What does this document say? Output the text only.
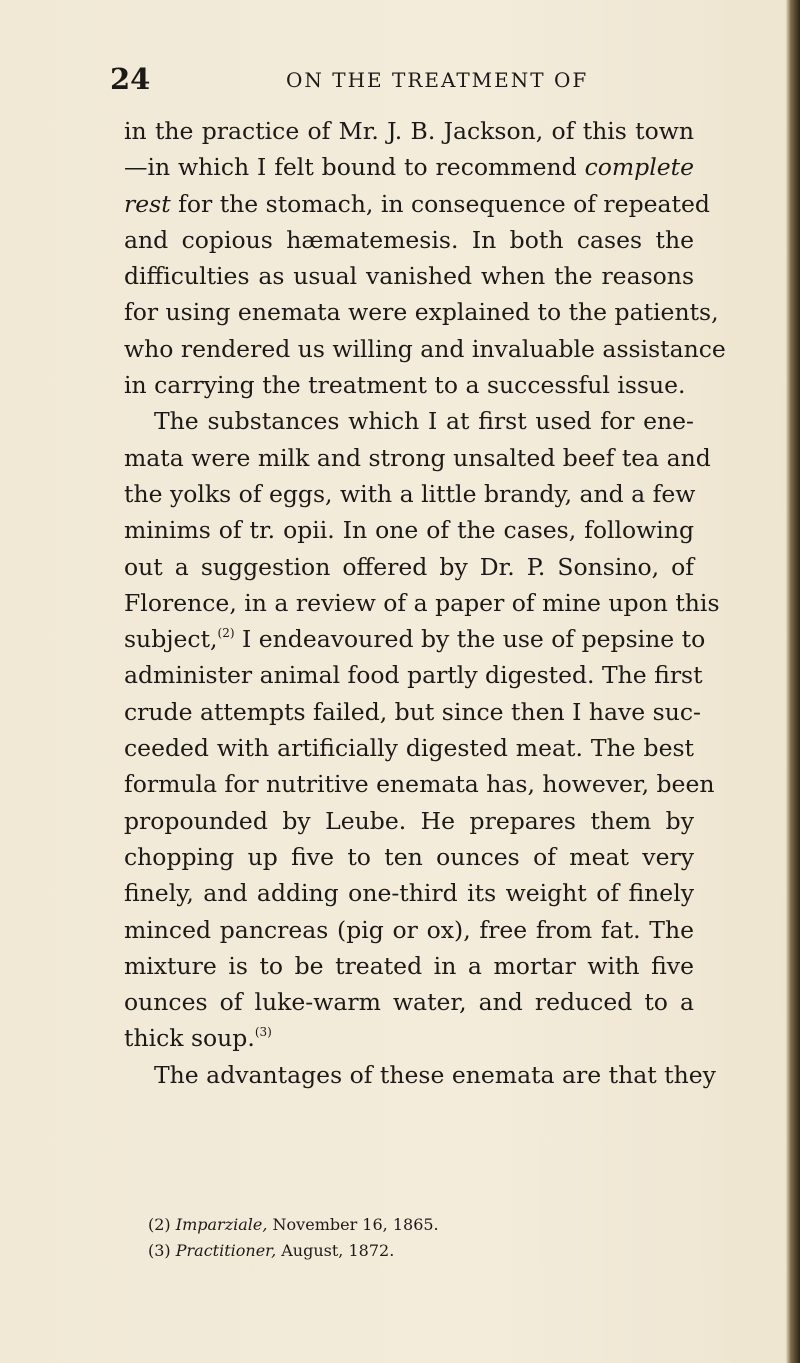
24	ON THE TREATMENT OF
in the practice of Mr. J. B. Jackson, of this town
—in which I felt bound to recommend complete
rest for the stomach, in consequence of repeated
and copious hæmatemesis. In both cases the
difficulties as usual vanished when the reasons
for using enemata were explained to the patients,
who rendered us willing and invaluable assistance
in carrying the treatment to a successful issue.
The substances which I at first used for ene-
mata were milk and strong unsalted beef tea and
the yolks of eggs, with a little brandy, and a few
minims of tr. opii. In one of the cases, following
out a suggestion offered by Dr. P. Sonsino, of
Florence, in a review of a paper of mine upon this
subject,$^{(2)}$ I endeavoured by the use of pepsine to
administer animal food partly digested. The first
crude attempts failed, but since then I have suc-
ceeded with artificially digested meat. The best
formula for nutritive enemata has, however, been
propounded by Leube. He prepares them by
chopping up five to ten ounces of meat very
finely, and adding one-third its weight of finely
minced pancreas (pig or ox), free from fat. The
mixture is to be treated in a mortar with five
ounces of luke-warm water, and reduced to a
thick soup.$^{(3)}$
The advantages of these enemata are that they
(2) Imparziale, November 16, 1865.
(3) Practitioner, August, 1872.
